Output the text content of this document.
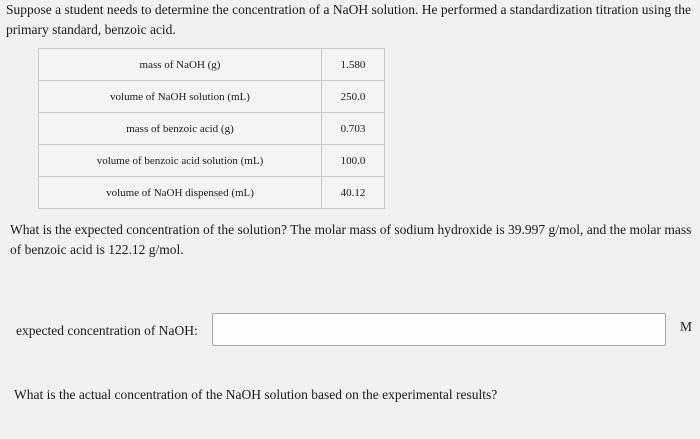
Suppose a student needs to determine the concentration of a NaOH solution. He performed a standardization titration using the primary standard, benzoic acid.
mass of NaOH (g)	1.580
volume of NaOH solution (mL)	250.0
mass of benzoic acid (g)	0.703
volume of benzoic acid solution (mL)	100.0
volume of NaOH dispensed (mL)	40.12
What is the expected concentration of the solution? The molar mass of sodium hydroxide is 39.997 g/mol, and the molar mass of benzoic acid is 122.12 g/mol.
expected concentration of NaOH:	M
What is the actual concentration of the NaOH solution based on the experimental results?
